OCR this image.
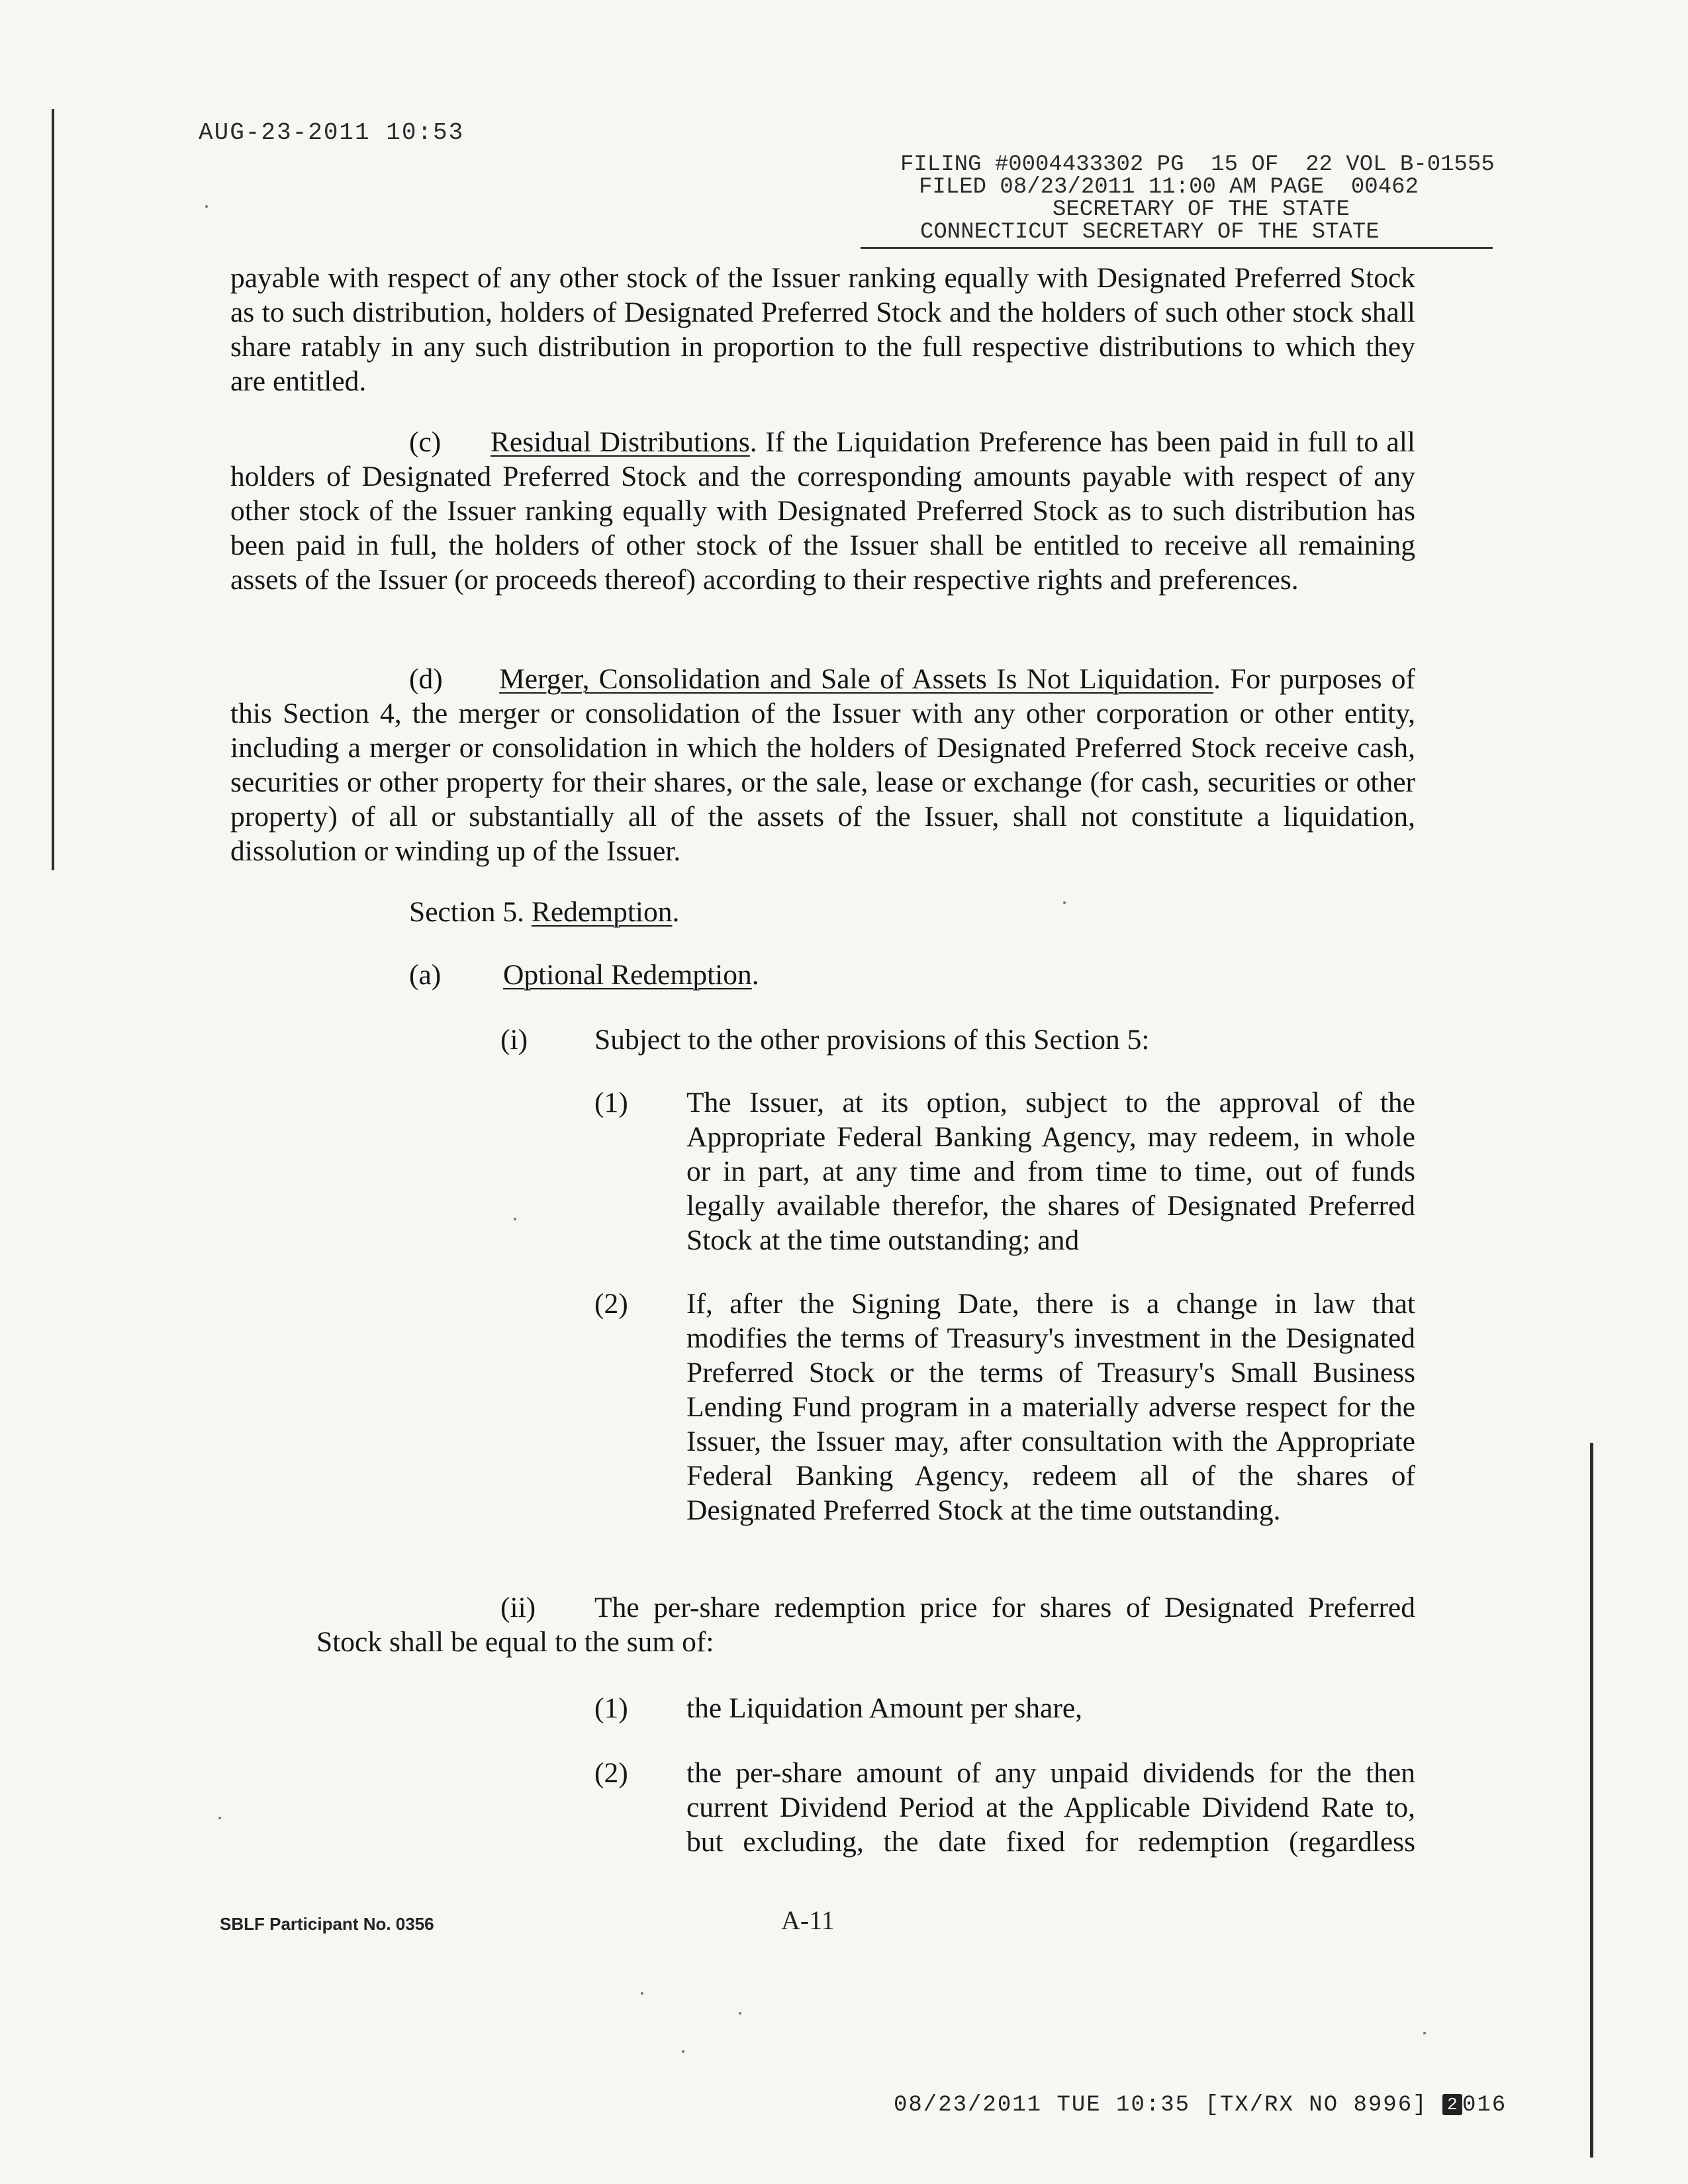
AUG-23-2011 10:53
FILING #0004433302 PG  15 OF  22 VOL B-01555
FILED 08/23/2011 11:00 AM PAGE  00462
SECRETARY OF THE STATE
CONNECTICUT SECRETARY OF THE STATE
payable with respect of any other stock of the Issuer ranking equally with Designated Preferred Stock as to such distribution, holders of Designated Preferred Stock and the holders of such other stock shall share ratably in any such distribution in proportion to the full respective distributions to which they are entitled.
(c) Residual Distributions. If the Liquidation Preference has been paid in full to all holders of Designated Preferred Stock and the corresponding amounts payable with respect of any other stock of the Issuer ranking equally with Designated Preferred Stock as to such distribution has been paid in full, the holders of other stock of the Issuer shall be entitled to receive all remaining assets of the Issuer (or proceeds thereof) according to their respective rights and preferences.
(d) Merger, Consolidation and Sale of Assets Is Not Liquidation. For purposes of this Section 4, the merger or consolidation of the Issuer with any other corporation or other entity, including a merger or consolidation in which the holders of Designated Preferred Stock receive cash, securities or other property for their shares, or the sale, lease or exchange (for cash, securities or other property) of all or substantially all of the assets of the Issuer, shall not constitute a liquidation, dissolution or winding up of the Issuer.
Section 5. Redemption.
(a) Optional Redemption.
(i) Subject to the other provisions of this Section 5:
(1) The Issuer, at its option, subject to the approval of the Appropriate Federal Banking Agency, may redeem, in whole or in part, at any time and from time to time, out of funds legally available therefor, the shares of Designated Preferred Stock at the time outstanding; and
(2) If, after the Signing Date, there is a change in law that modifies the terms of Treasury's investment in the Designated Preferred Stock or the terms of Treasury's Small Business Lending Fund program in a materially adverse respect for the Issuer, the Issuer may, after consultation with the Appropriate Federal Banking Agency, redeem all of the shares of Designated Preferred Stock at the time outstanding.
(ii) The per-share redemption price for shares of Designated Preferred
Stock shall be equal to the sum of:
(1) the Liquidation Amount per share,
(2) the per-share amount of any unpaid dividends for the then current Dividend Period at the Applicable Dividend Rate to, but excluding, the date fixed for redemption (regardless
SBLF Participant No. 0356	A-11
08/23/2011 TUE 10:35 [TX/RX NO 8996] 2 016
